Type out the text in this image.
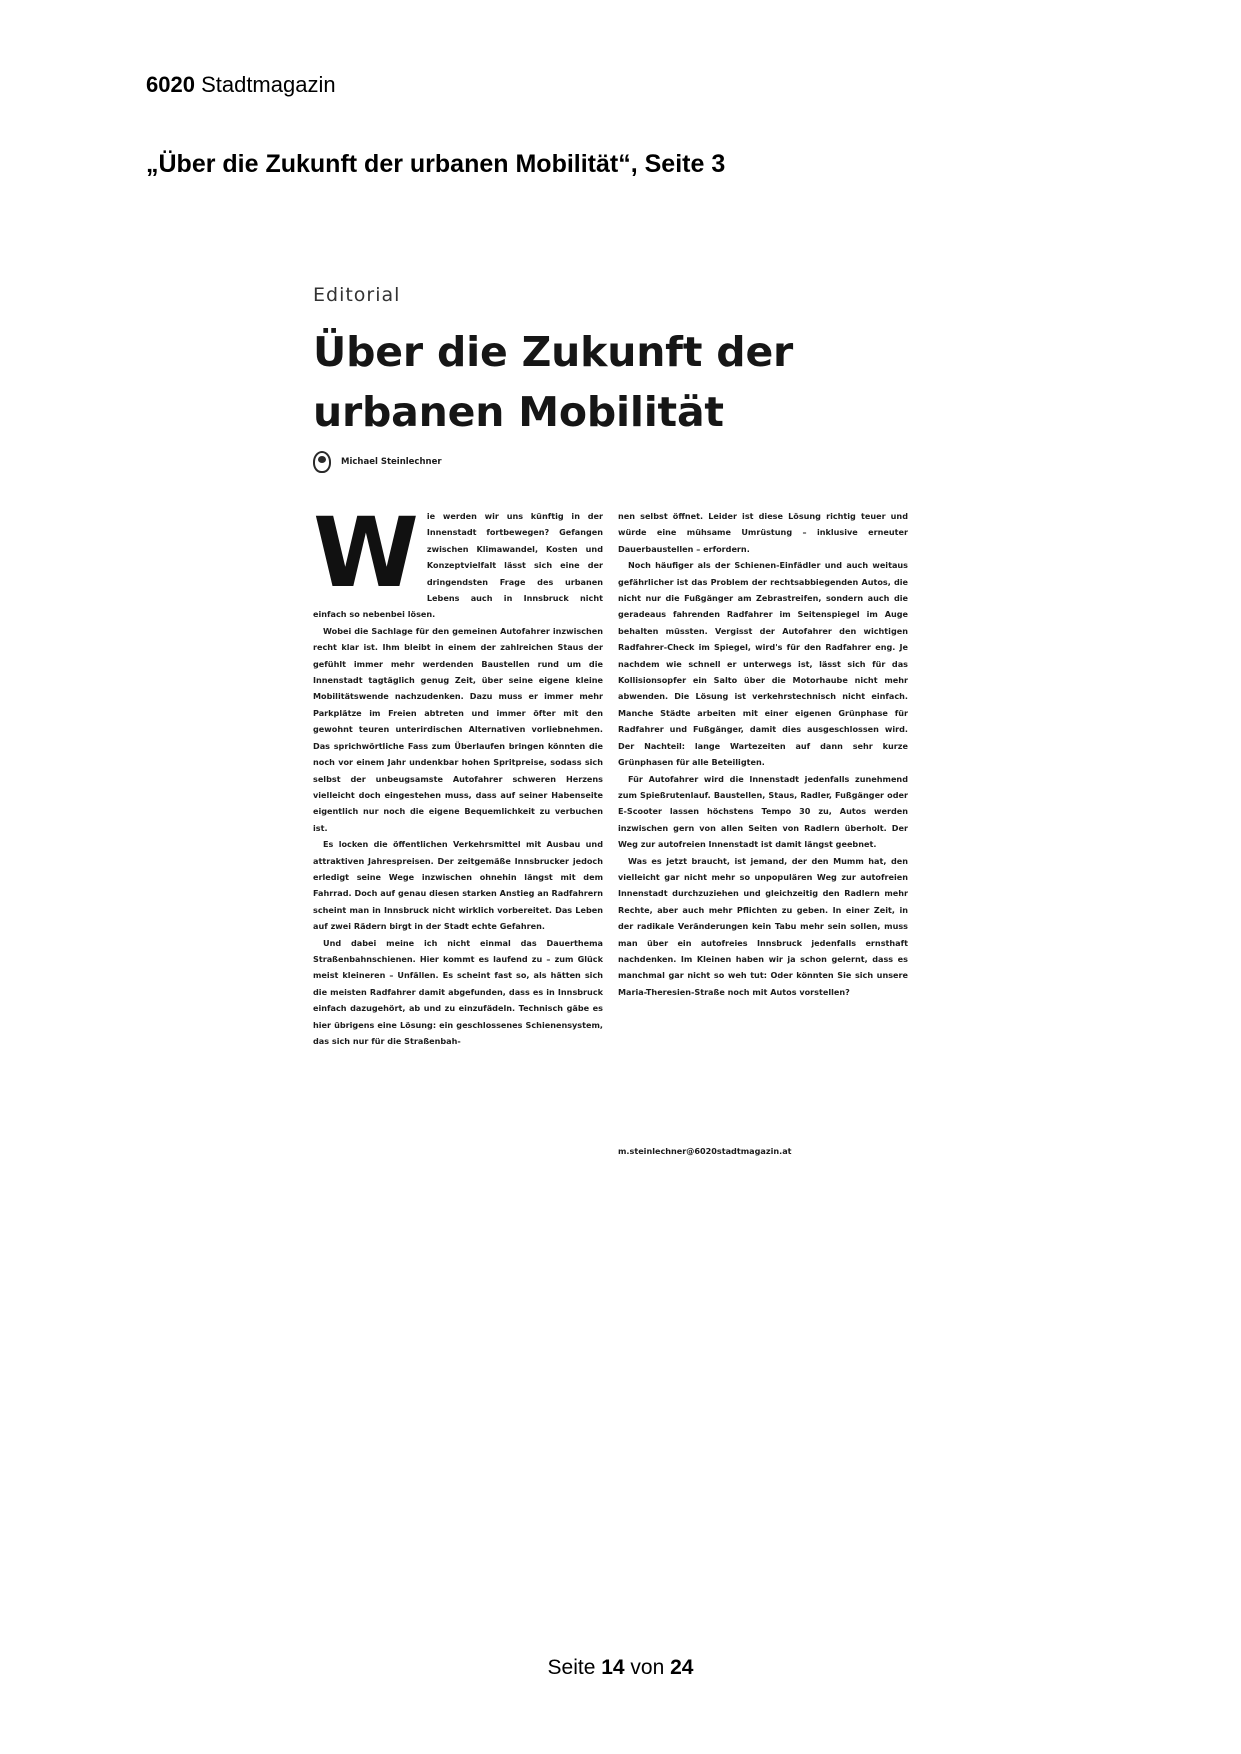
6020 Stadtmagazin
„Über die Zukunft der urbanen Mobilität“, Seite 3
Editorial
Über die Zukunft der
urbanen Mobilität
Michael Steinlechner

Wie werden wir uns künftig in der Innenstadt fortbewegen? Gefangen zwischen Klimawandel, Kosten und Konzeptvielfalt lässt sich eine der dringendsten Frage des urbanen Lebens auch in Innsbruck nicht einfach so nebenbei lösen.

Wobei die Sachlage für den gemeinen Autofahrer inzwischen recht klar ist. Ihm bleibt in einem der zahlreichen Staus der gefühlt immer mehr werdenden Baustellen rund um die Innenstadt tagtäglich genug Zeit, über seine eigene kleine Mobilitätswende nachzudenken. Dazu muss er immer mehr Parkplätze im Freien abtreten und immer öfter mit den gewohnt teuren unterirdischen Alternativen vorliebnehmen. Das sprichwörtliche Fass zum Überlaufen bringen könnten die noch vor einem Jahr undenkbar hohen Spritpreise, sodass sich selbst der unbeugsamste Autofahrer schweren Herzens vielleicht doch eingestehen muss, dass auf seiner Habenseite eigentlich nur noch die eigene Bequemlichkeit zu verbuchen ist.

Es locken die öffentlichen Verkehrsmittel mit Ausbau und attraktiven Jahrespreisen. Der zeitgemäße Innsbrucker jedoch erledigt seine Wege inzwischen ohnehin längst mit dem Fahrrad. Doch auf genau diesen starken Anstieg an Radfahrern scheint man in Innsbruck nicht wirklich vorbereitet. Das Leben auf zwei Rädern birgt in der Stadt echte Gefahren.

Und dabei meine ich nicht einmal das Dauerthema Straßenbahnschienen. Hier kommt es laufend zu – zum Glück meist kleineren – Unfällen. Es scheint fast so, als hätten sich die meisten Radfahrer damit abgefunden, dass es in Innsbruck einfach dazugehört, ab und zu einzufädeln. Technisch gäbe es hier übrigens eine Lösung: ein geschlossenes Schienensystem, das sich nur für die Straßenbah-

nen selbst öffnet. Leider ist diese Lösung richtig teuer und würde eine mühsame Umrüstung – inklusive erneuter Dauerbaustellen – erfordern.

Noch häufiger als der Schienen-Einfädler und auch weitaus gefährlicher ist das Problem der rechtsabbiegenden Autos, die nicht nur die Fußgänger am Zebrastreifen, sondern auch die geradeaus fahrenden Radfahrer im Seitenspiegel im Auge behalten müssten. Vergisst der Autofahrer den wichtigen Radfahrer-Check im Spiegel, wird's für den Radfahrer eng. Je nachdem wie schnell er unterwegs ist, lässt sich für das Kollisionsopfer ein Salto über die Motorhaube nicht mehr abwenden. Die Lösung ist verkehrstechnisch nicht einfach. Manche Städte arbeiten mit einer eigenen Grünphase für Radfahrer und Fußgänger, damit dies ausgeschlossen wird. Der Nachteil: lange Wartezeiten auf dann sehr kurze Grünphasen für alle Beteiligten.

Für Autofahrer wird die Innenstadt jedenfalls zunehmend zum Spießrutenlauf. Baustellen, Staus, Radler, Fußgänger oder E-Scooter lassen höchstens Tempo 30 zu, Autos werden inzwischen gern von allen Seiten von Radlern überholt. Der Weg zur autofreien Innenstadt ist damit längst geebnet.

Was es jetzt braucht, ist jemand, der den Mumm hat, den vielleicht gar nicht mehr so unpopulären Weg zur autofreien Innenstadt durchzuziehen und gleichzeitig den Radlern mehr Rechte, aber auch mehr Pflichten zu geben. In einer Zeit, in der radikale Veränderungen kein Tabu mehr sein sollen, muss man über ein autofreies Innsbruck jedenfalls ernsthaft nachdenken. Im Kleinen haben wir ja schon gelernt, dass es manchmal gar nicht so weh tut: Oder könnten Sie sich unsere Maria-Theresien-Straße noch mit Autos vorstellen?

m.steinlechner@6020stadtmagazin.at
Seite 14 von 24
